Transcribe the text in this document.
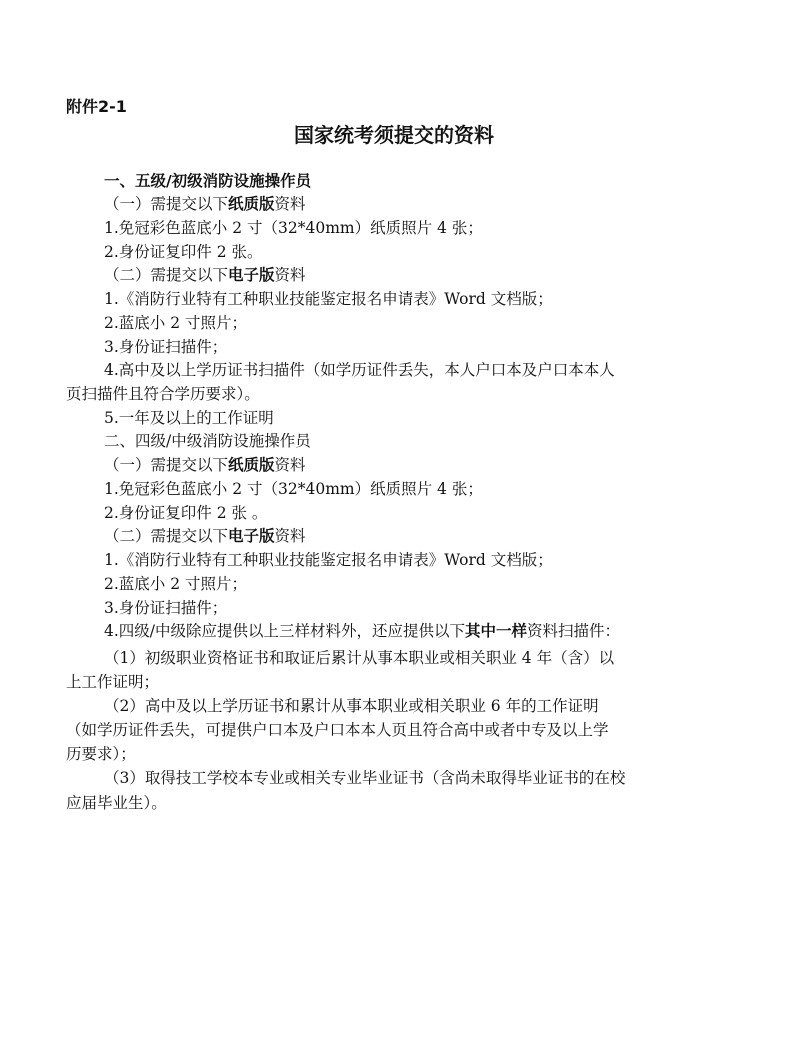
附件2-1
国家统考须提交的资料
一、五级/初级消防设施操作员
（一）需提交以下纸质版资料
1.免冠彩色蓝底小 2 寸（32*40mm）纸质照片 4 张；
2.身份证复印件 2 张。
（二）需提交以下电子版资料
1.《消防行业特有工种职业技能鉴定报名申请表》Word 文档版；
2.蓝底小 2 寸照片；
3.身份证扫描件；
4.高中及以上学历证书扫描件（如学历证件丢失，本人户口本及户口本本人
页扫描件且符合学历要求）。
5.一年及以上的工作证明
二、四级/中级消防设施操作员
（一）需提交以下纸质版资料
1.免冠彩色蓝底小 2 寸（32*40mm）纸质照片 4 张；
2.身份证复印件 2 张 。
（二）需提交以下电子版资料
1.《消防行业特有工种职业技能鉴定报名申请表》Word 文档版；
2.蓝底小 2 寸照片；
3.身份证扫描件；
4.四级/中级除应提供以上三样材料外，还应提供以下其中一样资料扫描件：
（1）初级职业资格证书和取证后累计从事本职业或相关职业 4 年（含）以
上工作证明；
（2）高中及以上学历证书和累计从事本职业或相关职业 6 年的工作证明
（如学历证件丢失，可提供户口本及户口本本人页且符合高中或者中专及以上学
历要求）；
（3）取得技工学校本专业或相关专业毕业证书（含尚未取得毕业证书的在校
应届毕业生）。
